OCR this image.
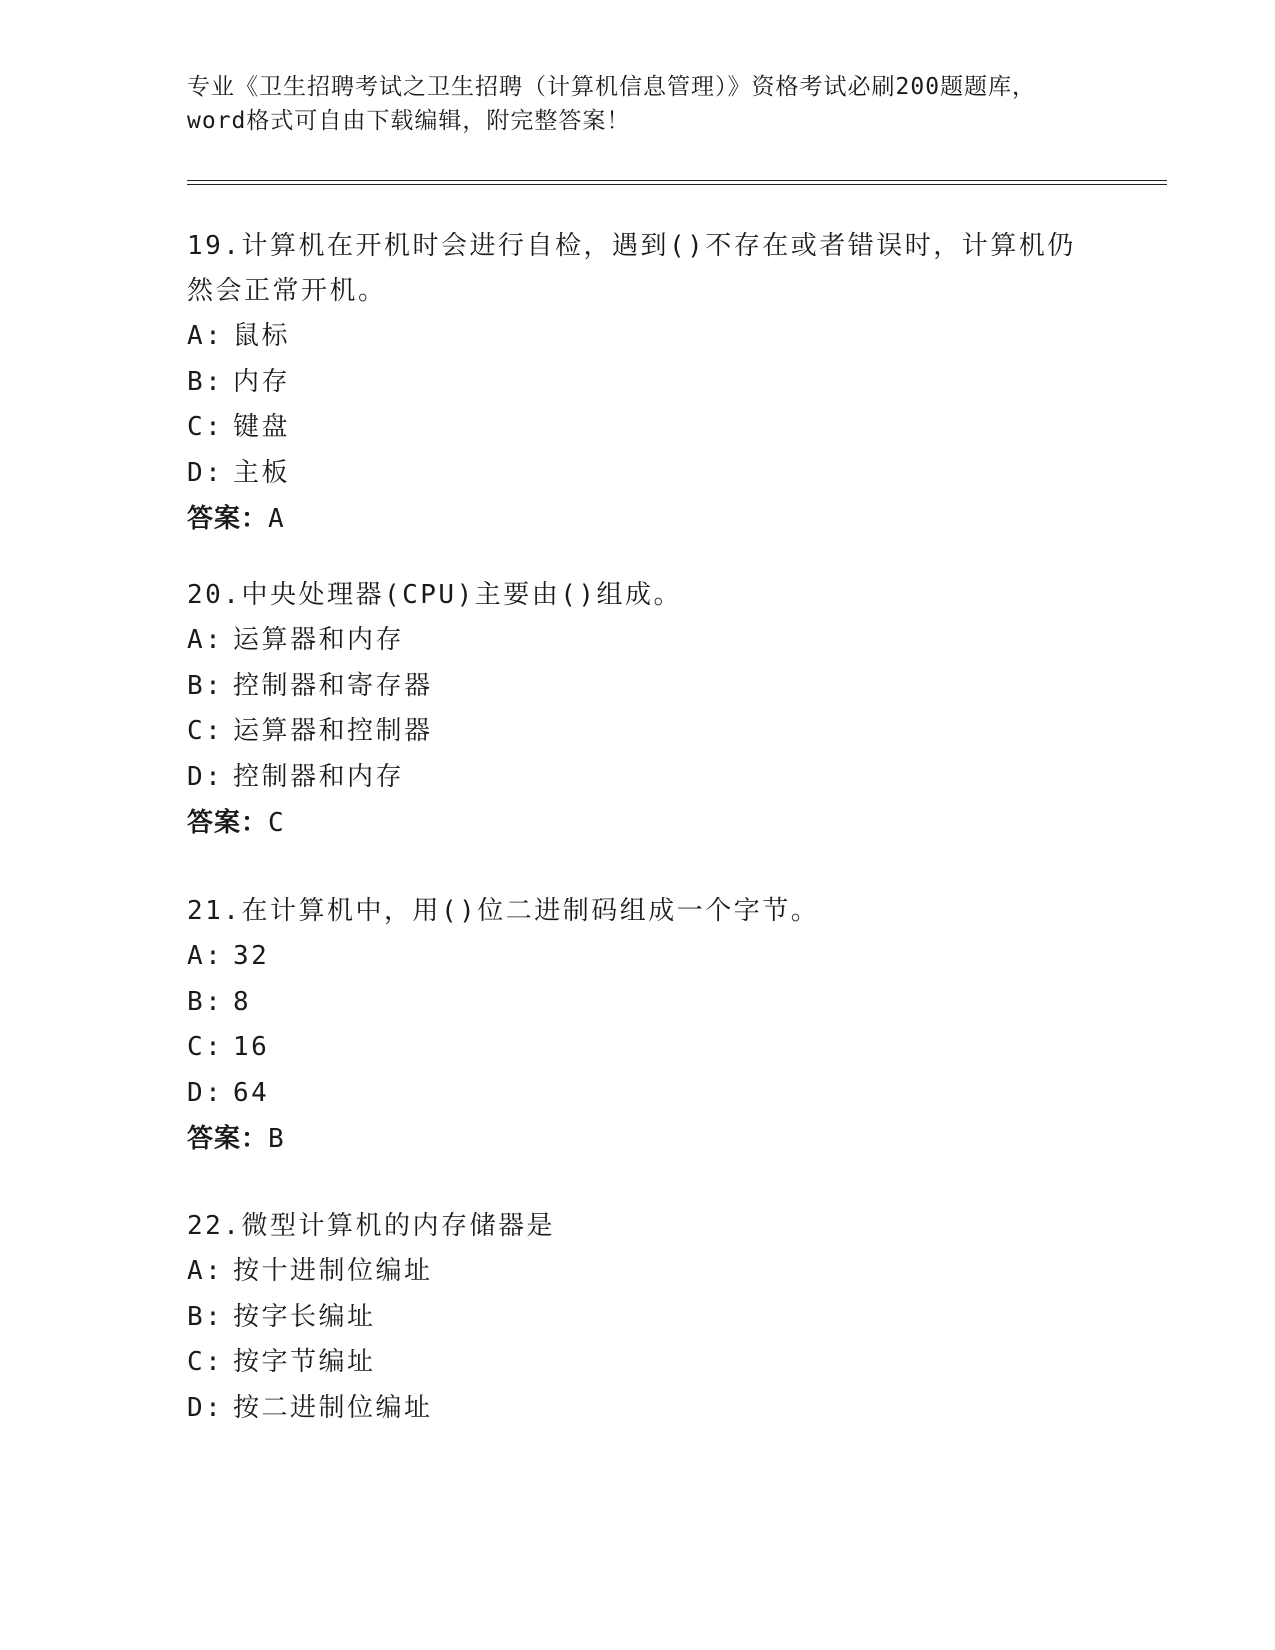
专业《卫生招聘考试之卫生招聘（计算机信息管理）》资格考试必刷200题题库，
word格式可自由下载编辑，附完整答案！
19.计算机在开机时会进行自检，遇到()不存在或者错误时，计算机仍
然会正常开机。
A: 鼠标
B: 内存
C: 键盘
D: 主板
答案：A
20.中央处理器(CPU)主要由()组成。
A: 运算器和内存
B: 控制器和寄存器
C: 运算器和控制器
D: 控制器和内存
答案：C
21.在计算机中，用()位二进制码组成一个字节。
A: 32
B: 8
C: 16
D: 64
答案：B
22.微型计算机的内存储器是
A: 按十进制位编址
B: 按字长编址
C: 按字节编址
D: 按二进制位编址
